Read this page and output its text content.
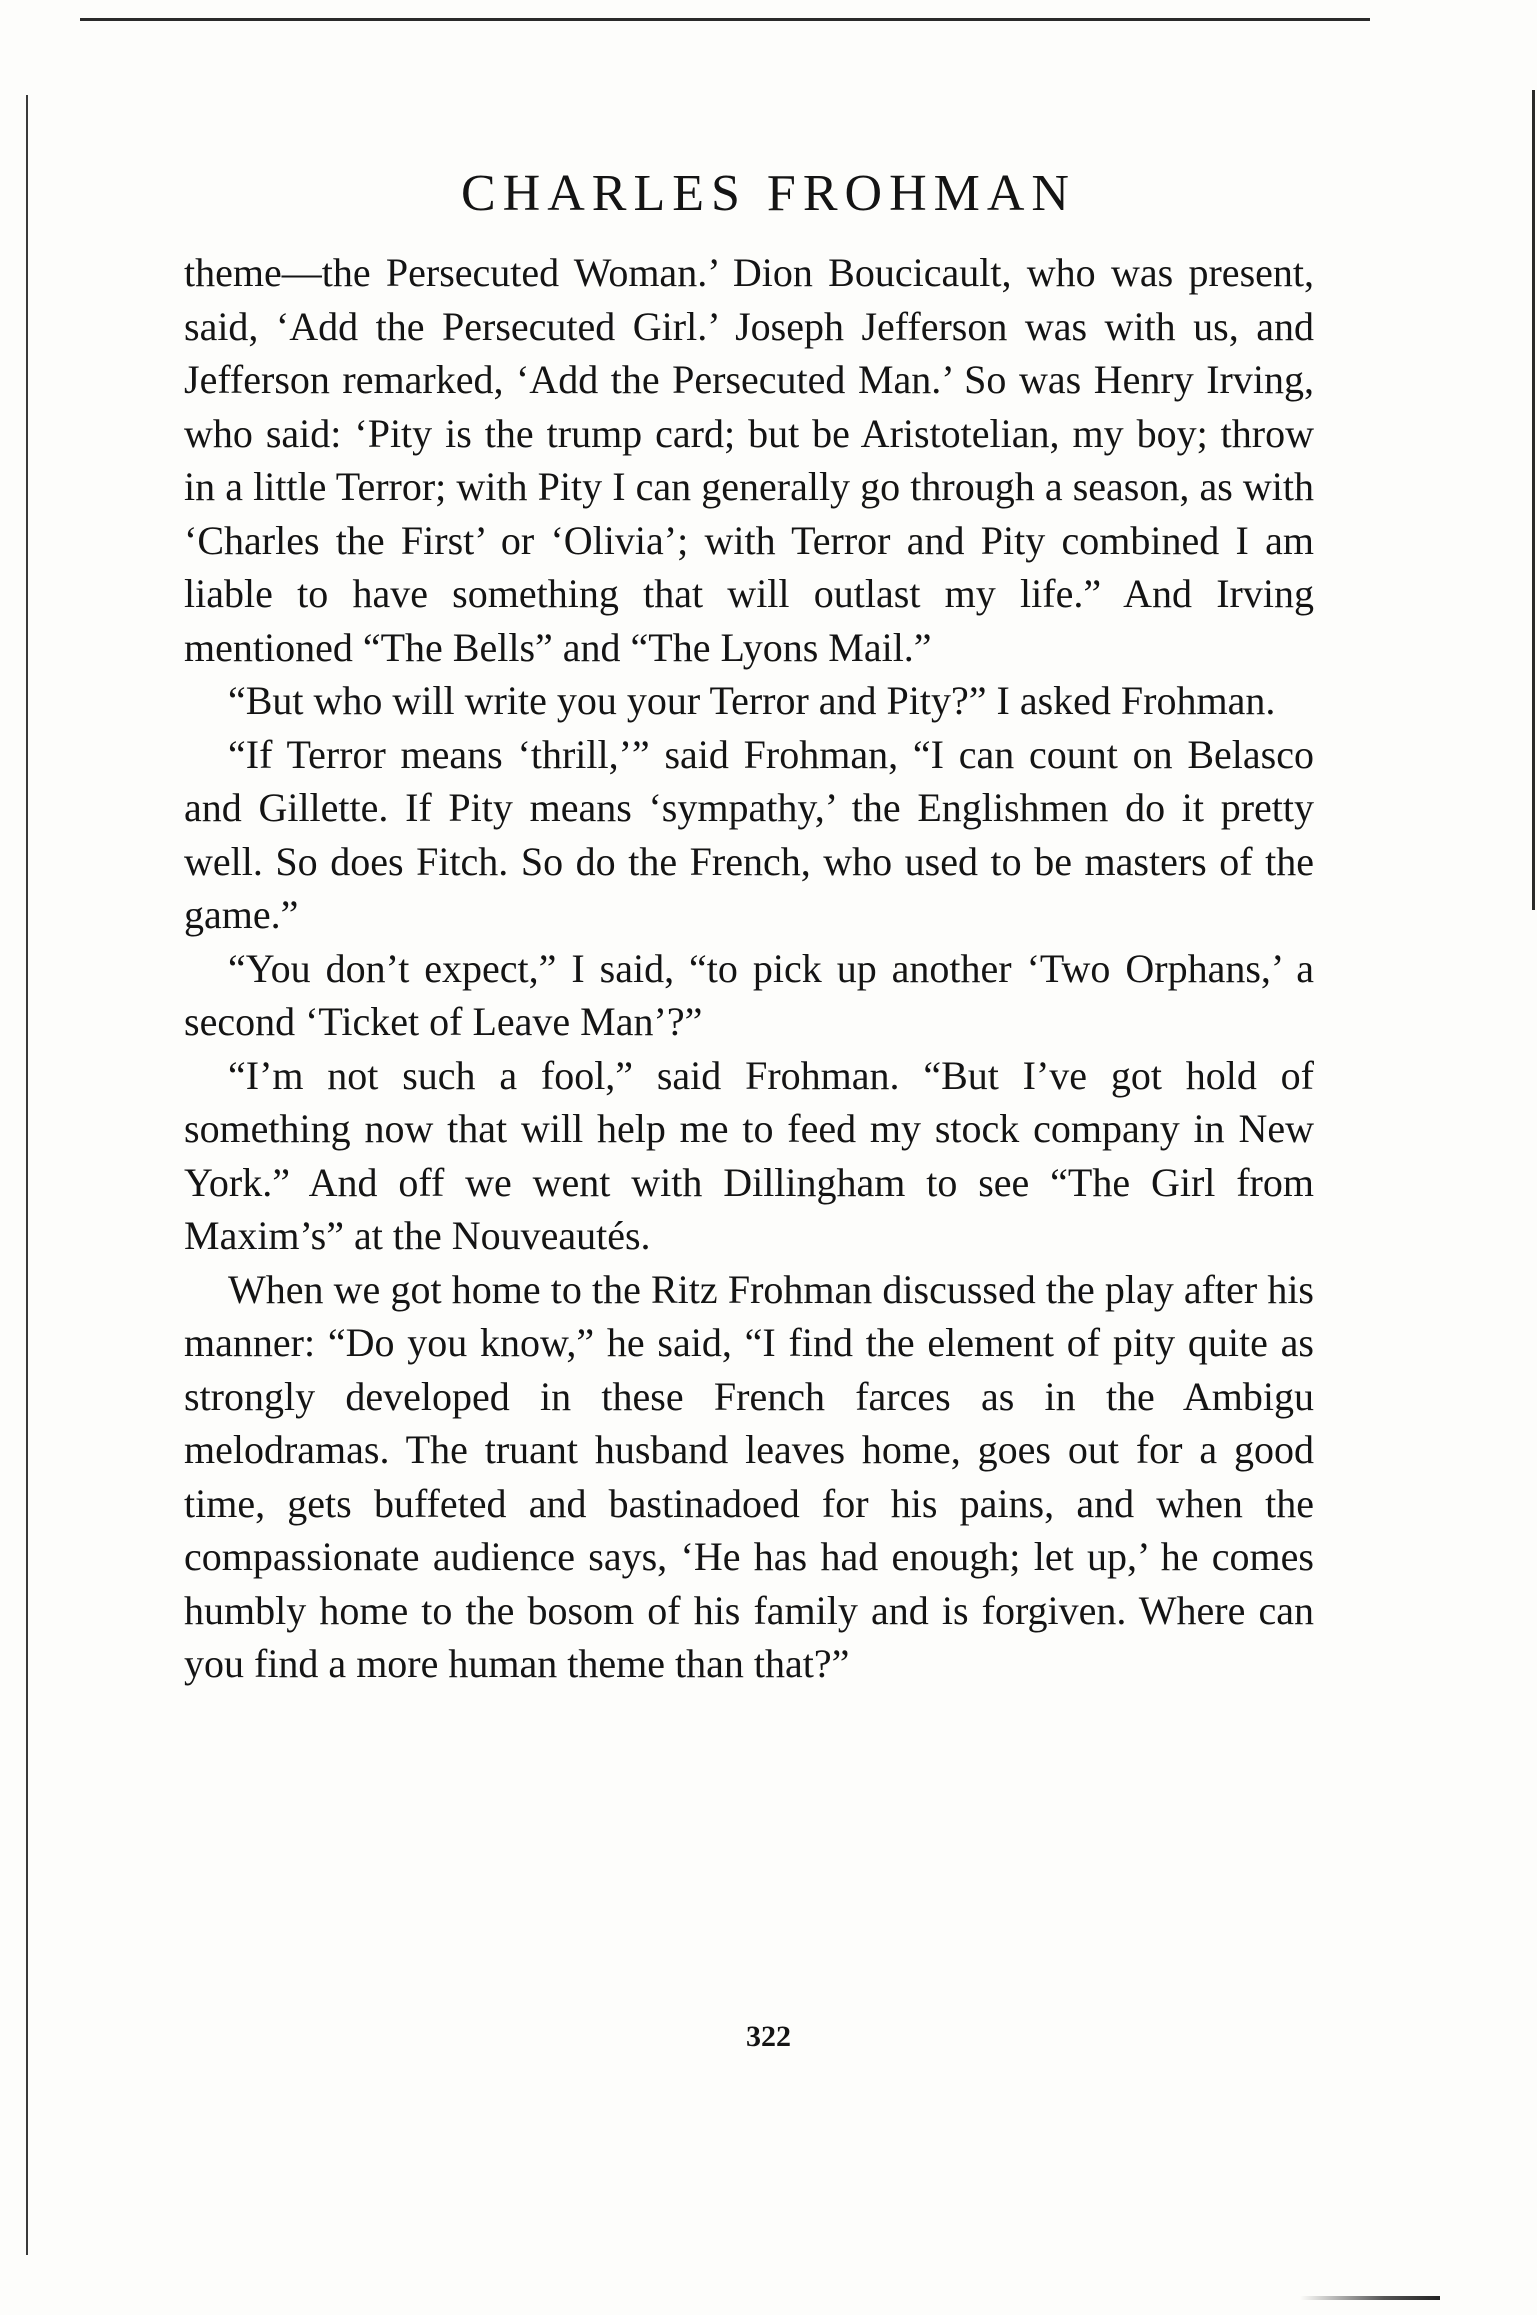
CHARLES FROHMAN

theme—the Persecuted Woman.’ Dion Boucicault, who was present, said, ‘Add the Persecuted Girl.’ Joseph Jefferson was with us, and Jefferson remarked, ‘Add the Persecuted Man.’ So was Henry Irving, who said: ‘Pity is the trump card; but be Aristotelian, my boy; throw in a little Terror; with Pity I can generally go through a season, as with ‘Charles the First’ or ‘Olivia’; with Terror and Pity combined I am liable to have something that will outlast my life.” And Irving mentioned “The Bells” and “The Lyons Mail.”

“But who will write you your Terror and Pity?” I asked Frohman.

“If Terror means ‘thrill,’” said Frohman, “I can count on Belasco and Gillette. If Pity means ‘sympathy,’ the Englishmen do it pretty well. So does Fitch. So do the French, who used to be masters of the game.”

“You don’t expect,” I said, “to pick up another ‘Two Orphans,’ a second ‘Ticket of Leave Man’?”

“I’m not such a fool,” said Frohman. “But I’ve got hold of something now that will help me to feed my stock company in New York.” And off we went with Dillingham to see “The Girl from Maxim’s” at the Nouveautés.

When we got home to the Ritz Frohman discussed the play after his manner: “Do you know,” he said, “I find the element of pity quite as strongly developed in these French farces as in the Ambigu melodramas. The truant husband leaves home, goes out for a good time, gets buffeted and bastinadoed for his pains, and when the compassionate audience says, ‘He has had enough; let up,’ he comes humbly home to the bosom of his family and is forgiven. Where can you find a more human theme than that?”

322
